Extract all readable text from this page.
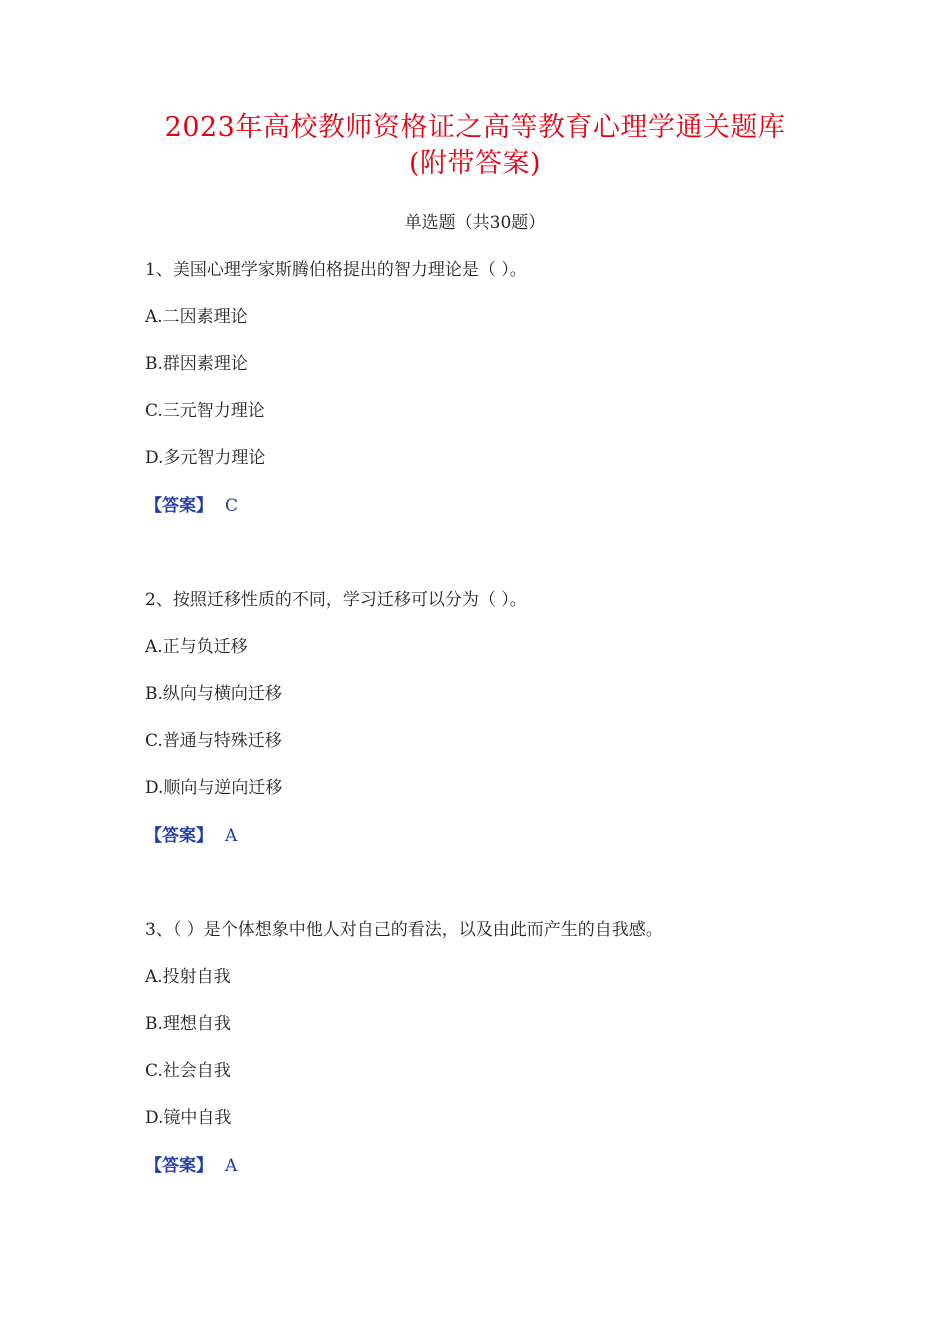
2023年高校教师资格证之高等教育心理学通关题库
(附带答案)
单选题（共30题）
1、美国心理学家斯腾伯格提出的智力理论是（ ）。
A.二因素理论
B.群因素理论
C.三元智力理论
D.多元智力理论
【答案】 C
2、按照迁移性质的不同，学习迁移可以分为（ ）。
A.正与负迁移
B.纵向与横向迁移
C.普通与特殊迁移
D.顺向与逆向迁移
【答案】 A
3、（ ）是个体想象中他人对自己的看法，以及由此而产生的自我感。
A.投射自我
B.理想自我
C.社会自我
D.镜中自我
【答案】 A
